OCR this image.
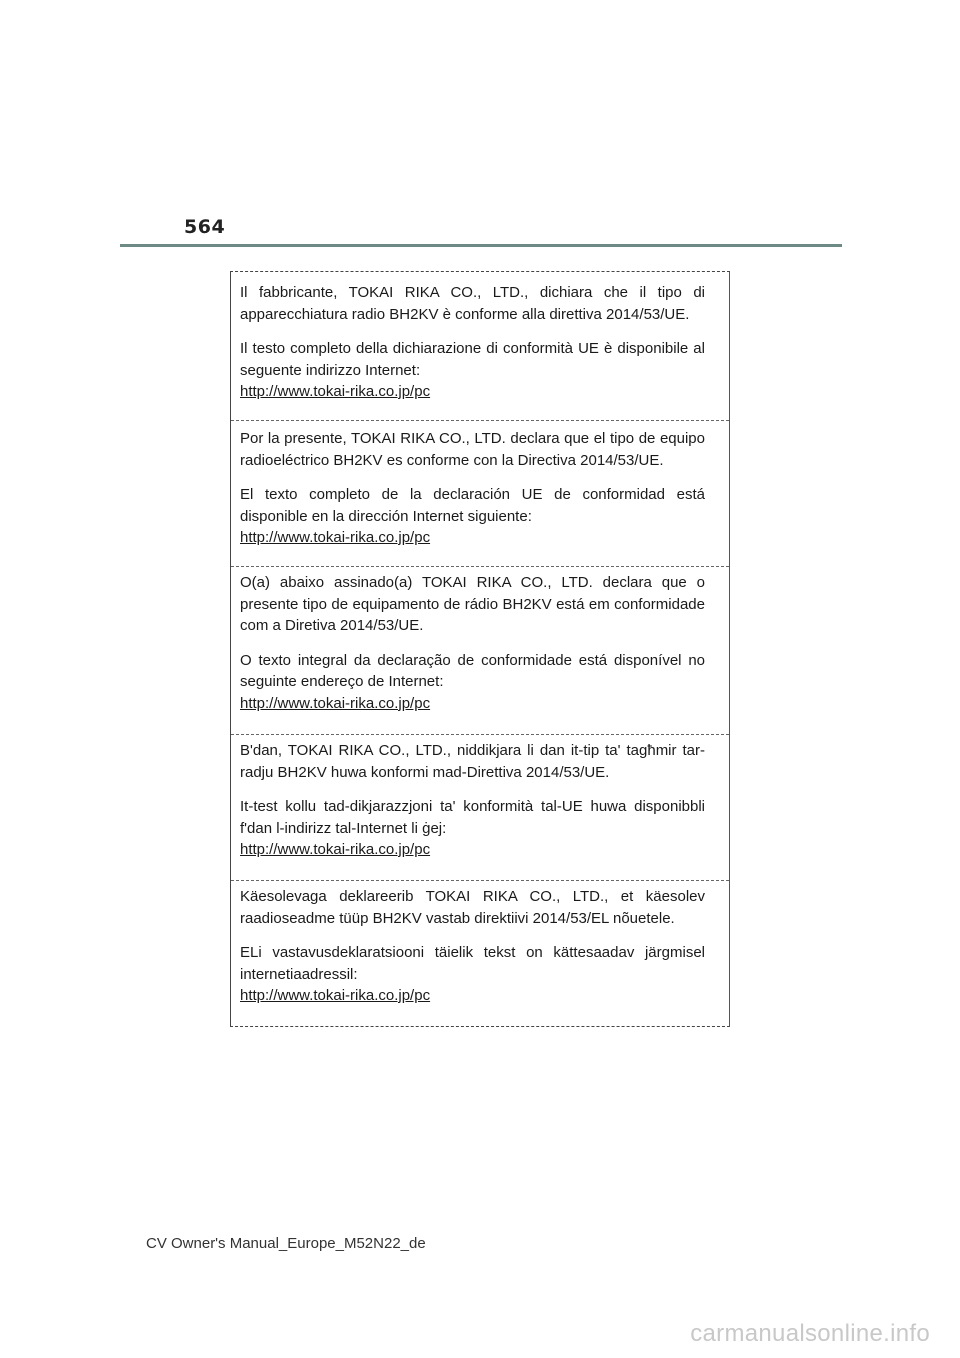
564

Il fabbricante, TOKAI RIKA CO., LTD., dichiara che il tipo di apparecchiatura radio BH2KV è conforme alla direttiva 2014/53/UE.

Il testo completo della dichiarazione di conformità UE è disponibile al seguente indirizzo Internet:
http://www.tokai-rika.co.jp/pc

Por la presente, TOKAI RIKA CO., LTD. declara que el tipo de equipo radioeléctrico BH2KV es conforme con la Directiva 2014/53/UE.

El texto completo de la declaración UE de conformidad está disponible en la dirección Internet siguiente:
http://www.tokai-rika.co.jp/pc

O(a) abaixo assinado(a) TOKAI RIKA CO., LTD. declara que o presente tipo de equipamento de rádio BH2KV está em conformidade com a Diretiva 2014/53/UE.

O texto integral da declaração de conformidade está disponível no seguinte endereço de Internet:
http://www.tokai-rika.co.jp/pc

B'dan, TOKAI RIKA CO., LTD., niddikjara li dan it-tip ta' tagħmir tar-radju BH2KV huwa konformi mad-Direttiva 2014/53/UE.

It-test kollu tad-dikjarazzjoni ta' konformità tal-UE huwa disponibbli f'dan l-indirizz tal-Internet li ġej:
http://www.tokai-rika.co.jp/pc

Käesolevaga deklareerib TOKAI RIKA CO., LTD., et käesolev raadioseadme tüüp BH2KV vastab direktiivi 2014/53/EL nõuetele.

ELi vastavusdeklaratsiooni täielik tekst on kättesaadav järgmisel internetiaadressil:
http://www.tokai-rika.co.jp/pc

CV Owner's Manual_Europe_M52N22_de
carmanualsonline.info
